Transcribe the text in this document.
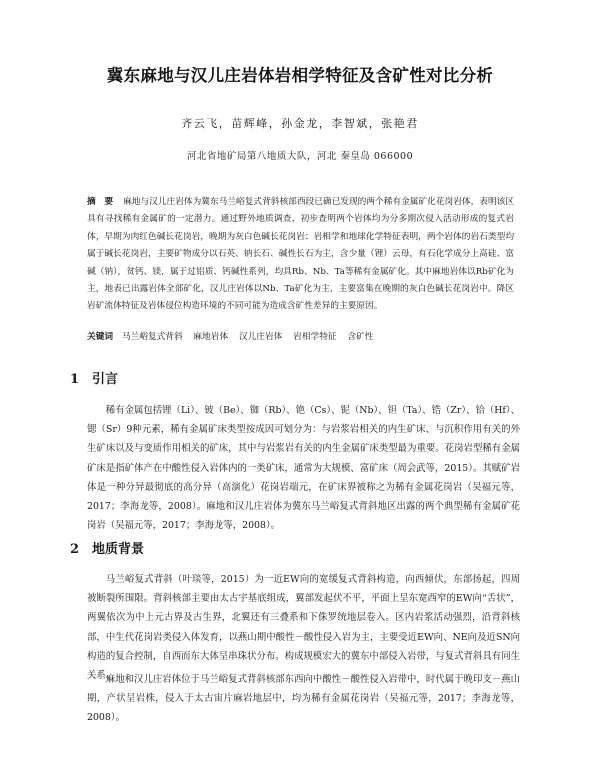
冀东麻地与汉儿庄岩体岩相学特征及含矿性对比分析
齐云飞，苗辉峰，孙金龙，李智斌，张艳君
河北省地矿局第八地质大队，河北 秦皇岛 066000
摘　要 麻地与汉儿庄岩体为冀东马兰峪复式背斜核部西段已确已发现的两个稀有金属矿化花岗岩体，表明该区具有寻找稀有金属矿的一定潜力。通过野外地质调查，初步查明两个岩体均为分多期次侵入活动形成的复式岩体，早期为肉红色碱长花岗岩，晚期为灰白色碱长花岗岩；岩相学和地球化学特征表明，两个岩体的岩石类型均属于碱长花岗岩，主要矿物成分以石英、钠长石、碱性长石为主，含少量（锂）云母，有石化学成分上高硅、富碱（钠），贫钙、镁，属于过铝质、钙碱性系列，均具Rb、Nb、Ta等稀有金属矿化。其中麻地岩体以Rb矿化为主，地表已出露岩体全部矿化，汉儿庄岩体以Nb、Ta矿化为主，主要富集在晚期的灰白色碱长花岗岩中。降区岩矿流体特征及岩体侵位构造环境的不同可能为造成含矿性差异的主要原因。
关键词 马兰峪复式背斜 麻地岩体 汉儿庄岩体 岩相学特征 含矿性
1 引言
稀有金属包括锂（Li）、铍（Be）、铷（Rb）、铯（Cs）、铌（Nb）、钽（Ta）、锆（Zr）、铪（Hf）、锶（Sr）9种元素，稀有金属矿床类型按成因可划分为：与岩浆岩相关的内生矿床、与沉积作用有关的外生矿床以及与变质作用相关的矿床，其中与岩浆岩有关的内生金属矿床类型最为重要。花岗岩型稀有金属矿床是指矿体产在中酸性侵入岩体内的一类矿床，通常为大规模、富矿床（周会武等，2015）。其赋矿岩体是一种分异最彻底的高分异（高演化）花岗岩端元，在矿床界被称之为稀有金属花岗岩（吴福元等，2017；李海龙等，2008）。麻地和汉儿庄岩体为冀东马兰峪复式背斜地区出露的两个典型稀有金属矿花岗岩（吴福元等，2017；李海龙等，2008）。
2 地质背景
马兰峪复式背斜（叶琰等，2015）为一近EW向的宽缓复式背斜构造，向西倾伏，东部扬起，四周被断裂所围限。背斜核部主要由太古宇基底组成，翼部发起伏不平，平面上呈东宽西窄的EW向“舌状”，两翼依次为中上元古界及古生界，北翼还有三叠系和下侏罗统地层卷入。区内岩浆活动强烈，沿背斜核部，中生代花岗岩类侵入体发育，以燕山期中酸性－酸性侵入岩为主，主要受近EW向、NE向及近SN向构造的复合控制，自西而东大体呈串珠状分布。构成规模宏大的冀东中部侵入岩带，与复式背斜具有同生关系。
麻地和汉儿庄岩体位于马兰峪复式背斜核部东西向中酸性－酸性侵入岩带中，时代属于晚印支－燕山期，产状呈岩株，侵入于太古宙片麻岩地层中，均为稀有金属花岗岩（吴福元等，2017；李海龙等，2008）。
